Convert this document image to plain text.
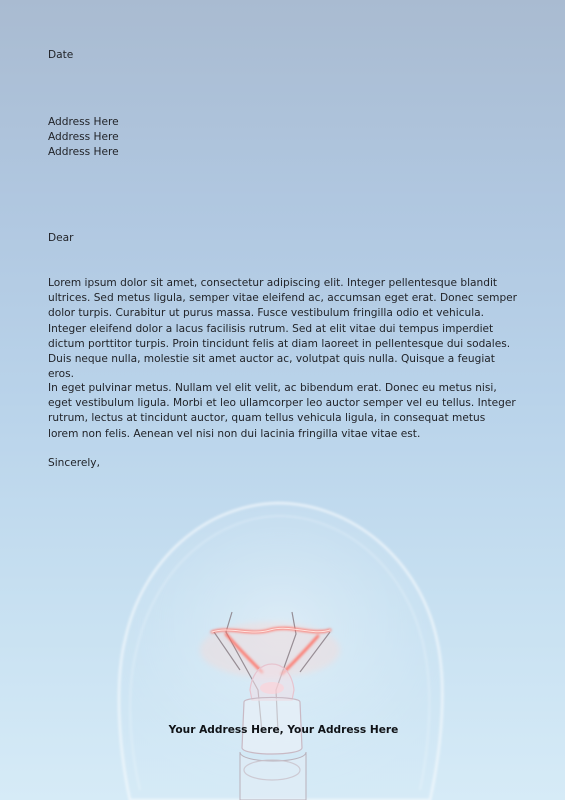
Date
Address Here
Address Here
Address Here
Dear
Lorem ipsum dolor sit amet, consectetur adipiscing elit. Integer pellentesque blandit ultrices. Sed metus ligula, semper vitae eleifend ac, accumsan eget erat. Donec semper dolor turpis. Curabitur ut purus massa. Fusce vestibulum fringilla odio et vehicula. Integer eleifend dolor a lacus facilisis rutrum. Sed at elit vitae dui tempus imperdiet dictum porttitor turpis. Proin tincidunt felis at diam laoreet in pellentesque dui sodales. Duis neque nulla, molestie sit amet auctor ac, volutpat quis nulla. Quisque a feugiat eros.
In eget pulvinar metus. Nullam vel elit velit, ac bibendum erat. Donec eu metus nisi, eget vestibulum ligula. Morbi et leo ullamcorper leo auctor semper vel eu tellus. Integer rutrum, lectus at tincidunt auctor, quam tellus vehicula ligula, in consequat metus lorem non felis. Aenean vel nisi non dui lacinia fringilla vitae vitae est.
Sincerely,
Your Address Here, Your Address Here
